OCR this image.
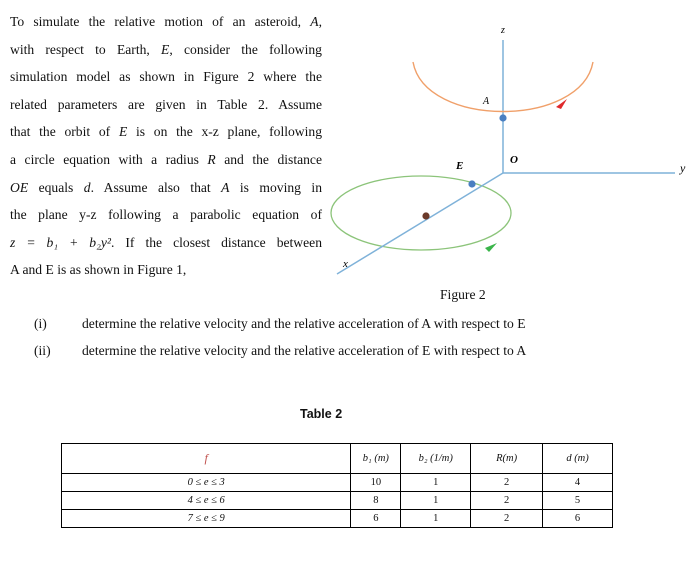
To simulate the relative motion of an asteroid, A,
with respect to Earth, E, consider the following
simulation model as shown in Figure 2 where the
related parameters are given in Table 2. Assume
that the orbit of E is on the x-z plane, following
a circle equation with a radius R and the distance
OE equals d. Assume also that A is moving in
the plane y-z following a parabolic equation of
z = b₁ + b₂y². If the closest distance between
A and E is as shown in Figure 1,
z
y
x
A
E	O
Figure 2
(i)	determine the relative velocity and the relative acceleration of A with respect to E
(ii) determine the relative velocity and the relative acceleration of E with respect to A
Table 2
f	b₁ (m)	b₂ (1/m)	R(m)	d (m)
0 ≤ e ≤ 3	10	1	2	4
4 ≤ e ≤ 6	8	1	2	5
7 ≤ e ≤ 9	6	1	2	6
